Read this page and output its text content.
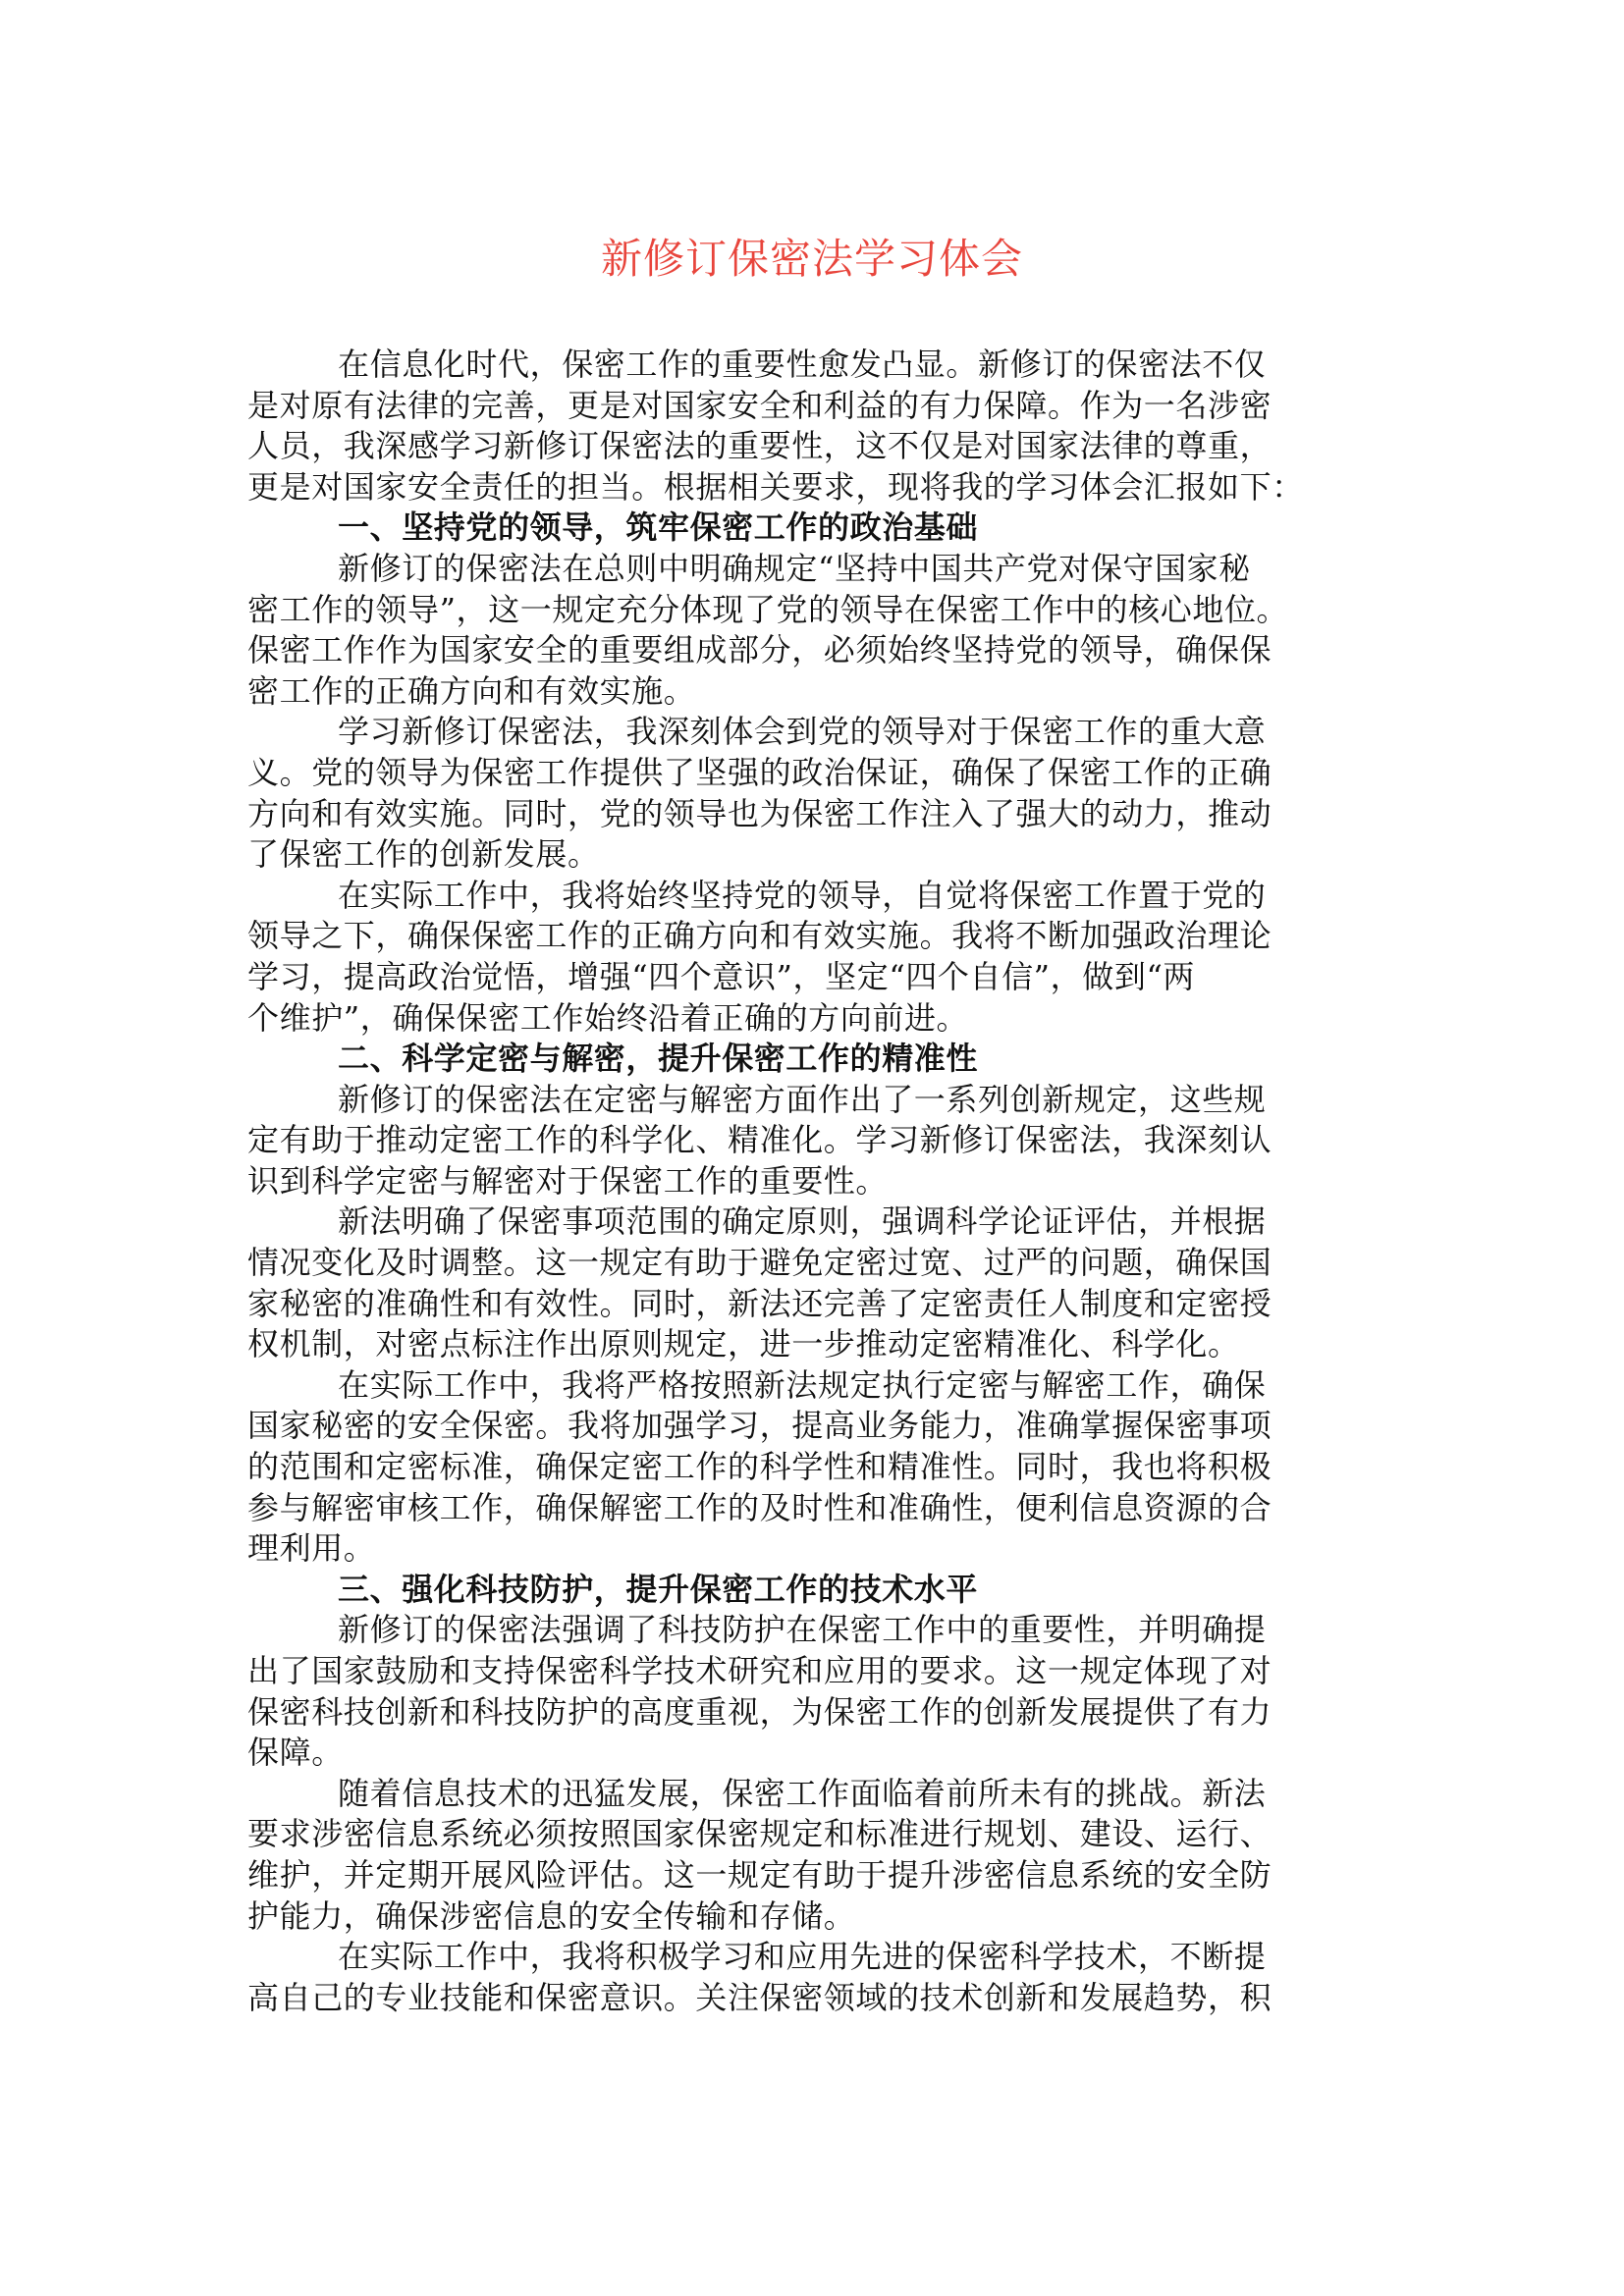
新修订保密法学习体会
在信息化时代，保密工作的重要性愈发凸显。新修订的保密法不仅
是对原有法律的完善，更是对国家安全和利益的有力保障。作为一名涉密
人员，我深感学习新修订保密法的重要性，这不仅是对国家法律的尊重，
更是对国家安全责任的担当。根据相关要求，现将我的学习体会汇报如下：
一、坚持党的领导，筑牢保密工作的政治基础
新修订的保密法在总则中明确规定“坚持中国共产党对保守国家秘
密工作的领导”，这一规定充分体现了党的领导在保密工作中的核心地位。
保密工作作为国家安全的重要组成部分，必须始终坚持党的领导，确保保
密工作的正确方向和有效实施。
学习新修订保密法，我深刻体会到党的领导对于保密工作的重大意
义。党的领导为保密工作提供了坚强的政治保证，确保了保密工作的正确
方向和有效实施。同时，党的领导也为保密工作注入了强大的动力，推动
了保密工作的创新发展。
在实际工作中，我将始终坚持党的领导，自觉将保密工作置于党的
领导之下，确保保密工作的正确方向和有效实施。我将不断加强政治理论
学习，提高政治觉悟，增强“四个意识”，坚定“四个自信”，做到“两
个维护”，确保保密工作始终沿着正确的方向前进。
二、科学定密与解密，提升保密工作的精准性
新修订的保密法在定密与解密方面作出了一系列创新规定，这些规
定有助于推动定密工作的科学化、精准化。学习新修订保密法，我深刻认
识到科学定密与解密对于保密工作的重要性。
新法明确了保密事项范围的确定原则，强调科学论证评估，并根据
情况变化及时调整。这一规定有助于避免定密过宽、过严的问题，确保国
家秘密的准确性和有效性。同时，新法还完善了定密责任人制度和定密授
权机制，对密点标注作出原则规定，进一步推动定密精准化、科学化。
在实际工作中，我将严格按照新法规定执行定密与解密工作，确保
国家秘密的安全保密。我将加强学习，提高业务能力，准确掌握保密事项
的范围和定密标准，确保定密工作的科学性和精准性。同时，我也将积极
参与解密审核工作，确保解密工作的及时性和准确性，便利信息资源的合
理利用。
三、强化科技防护，提升保密工作的技术水平
新修订的保密法强调了科技防护在保密工作中的重要性，并明确提
出了国家鼓励和支持保密科学技术研究和应用的要求。这一规定体现了对
保密科技创新和科技防护的高度重视，为保密工作的创新发展提供了有力
保障。
随着信息技术的迅猛发展，保密工作面临着前所未有的挑战。新法
要求涉密信息系统必须按照国家保密规定和标准进行规划、建设、运行、
维护，并定期开展风险评估。这一规定有助于提升涉密信息系统的安全防
护能力，确保涉密信息的安全传输和存储。
在实际工作中，我将积极学习和应用先进的保密科学技术，不断提
高自己的专业技能和保密意识。关注保密领域的技术创新和发展趋势，积
